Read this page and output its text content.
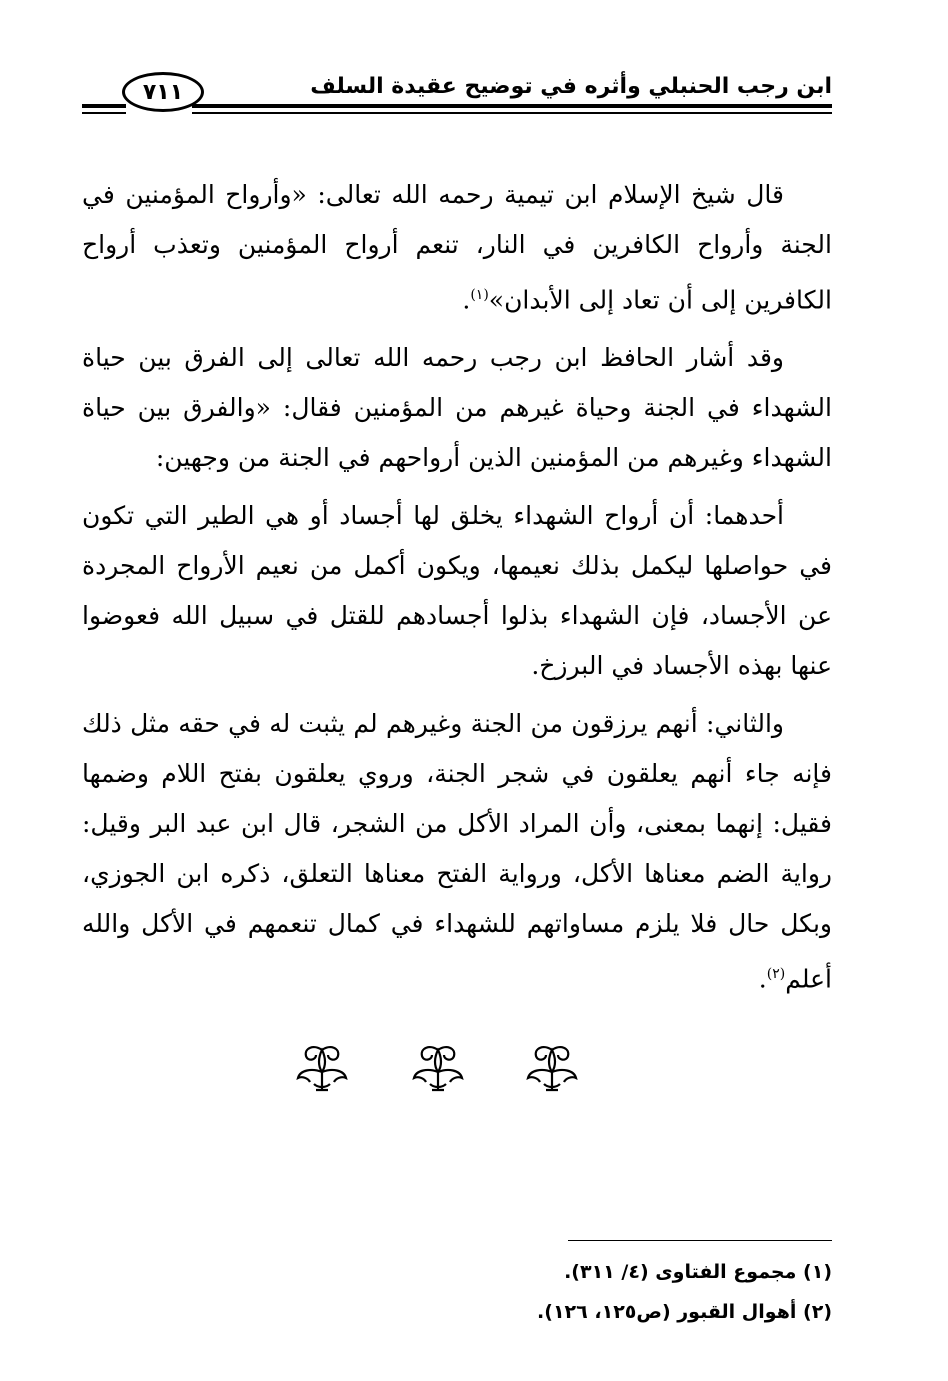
ابن رجب الحنبلي وأثره في توضيح عقيدة السلف
٧١١

قال شيخ الإسلام ابن تيمية رحمه الله تعالى: «وأرواح المؤمنين في الجنة وأرواح الكافرين في النار، تنعم أرواح المؤمنين وتعذب أرواح الكافرين إلى أن تعاد إلى الأبدان»$^{(١)}$.

وقد أشار الحافظ ابن رجب رحمه الله تعالى إلى الفرق بين حياة الشهداء في الجنة وحياة غيرهم من المؤمنين فقال: «والفرق بين حياة الشهداء وغيرهم من المؤمنين الذين أرواحهم في الجنة من وجهين:

أحدهما: أن أرواح الشهداء يخلق لها أجساد أو هي الطير التي تكون في حواصلها ليكمل بذلك نعيمها، ويكون أكمل من نعيم الأرواح المجردة عن الأجساد، فإن الشهداء بذلوا أجسادهم للقتل في سبيل الله فعوضوا عنها بهذه الأجساد في البرزخ.

والثاني: أنهم يرزقون من الجنة وغيرهم لم يثبت له في حقه مثل ذلك فإنه جاء أنهم يعلقون في شجر الجنة، وروي يعلقون بفتح اللام وضمها فقيل: إنهما بمعنى، وأن المراد الأكل من الشجر، قال ابن عبد البر وقيل: رواية الضم معناها الأكل، ورواية الفتح معناها التعلق، ذكره ابن الجوزي، وبكل حال فلا يلزم مساواتهم للشهداء في كمال تنعمهم في الأكل والله أعلم$^{(٢)}$.

(١) مجموع الفتاوى (٤/ ٣١١).
(٢) أهوال القبور (ص١٢٥، ١٢٦).
